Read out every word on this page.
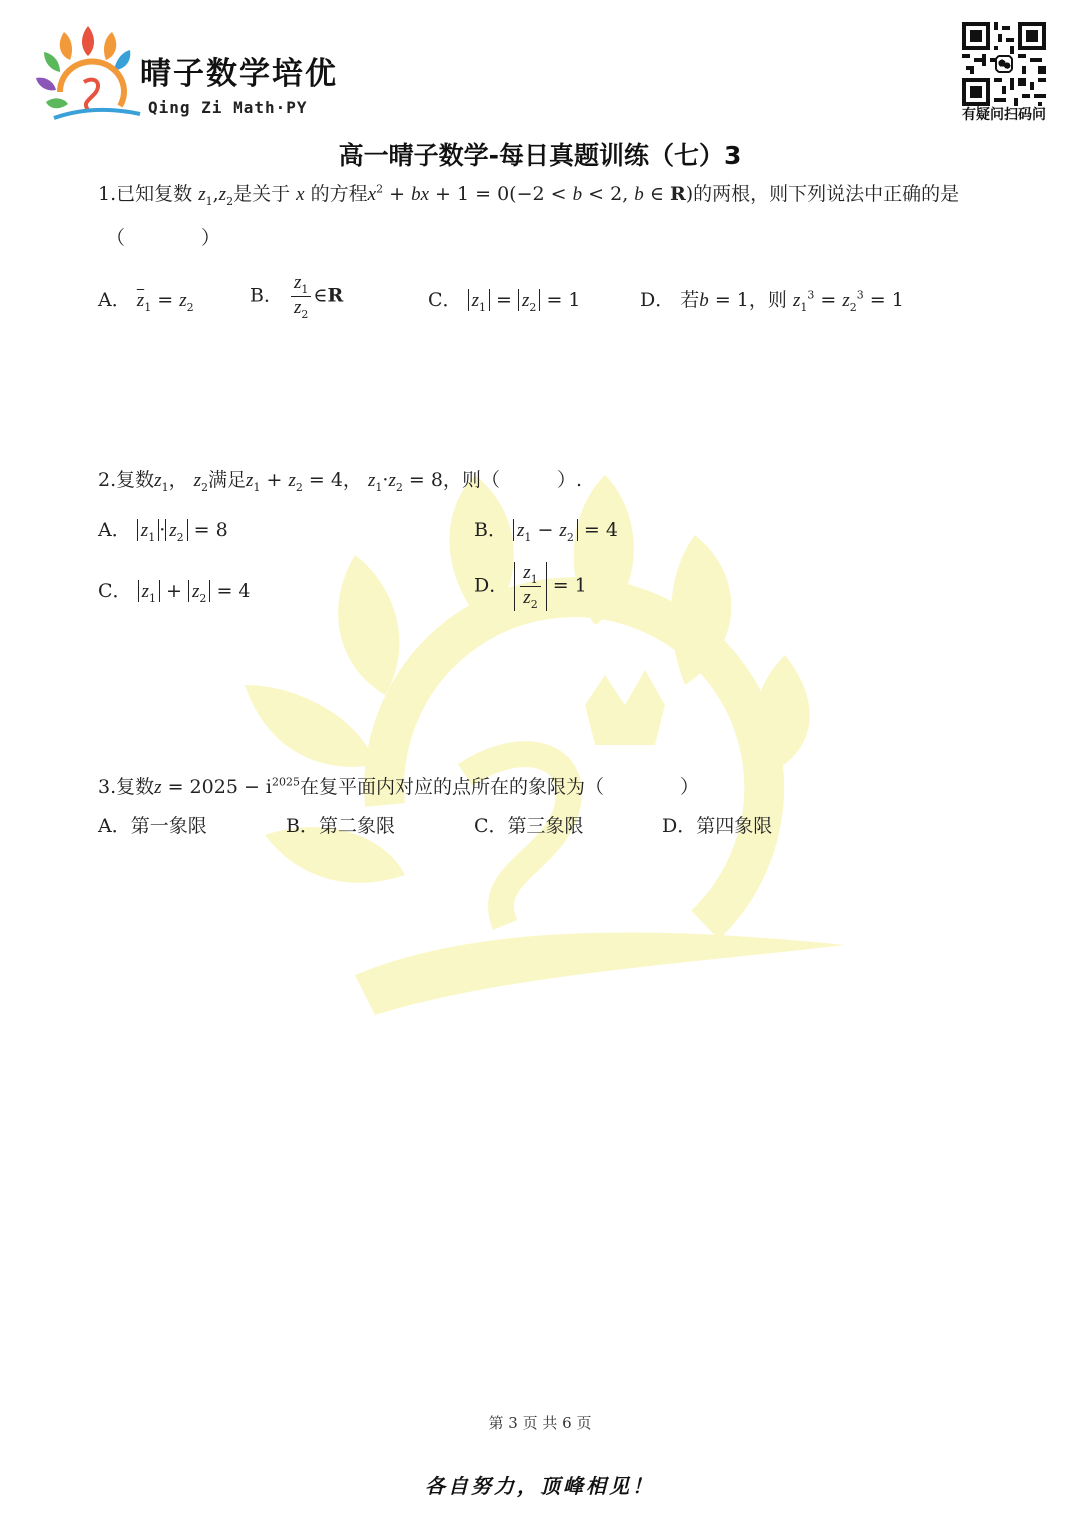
晴子数学培优
Qing Zi Math·PY	有疑问扫码问
高一晴子数学-每日真题训练（七）3
1.已知复数 $z_1,z_2$是关于 x 的方程$x^2$ + bx + 1 = 0(−2 < b < 2, b ∈ R)的两根，则下列说法中正确的是
（　　　　）
A． $\overline{z}_1 = z_2$
B． $\frac{z_1}{z_2}$ ∈R	C． $z_1 = z_2 = 1$	D． 若b = 1，则 $z_1^3 = z_2^3 = 1$
2.复数$z_1$， $z_2$满足$z_1 + z_2 = 4$， $z_1\cdot z_2 = 8$，则（　　　）.
A． $z_1 \cdot z_2 = 8$	B． $z_1 - z_2 = 4$
C． $z_1 + z_2 = 4$	D． $\frac{z_1}{z_2} = 1$
3.复数$z = 2025 - i^{2025}$在复平面内对应的点所在的象限为（　　　　）
A．第一象限	B．第二象限	C．第三象限	D．第四象限
第 3 页 共 6 页
各自努力，顶峰相见！
